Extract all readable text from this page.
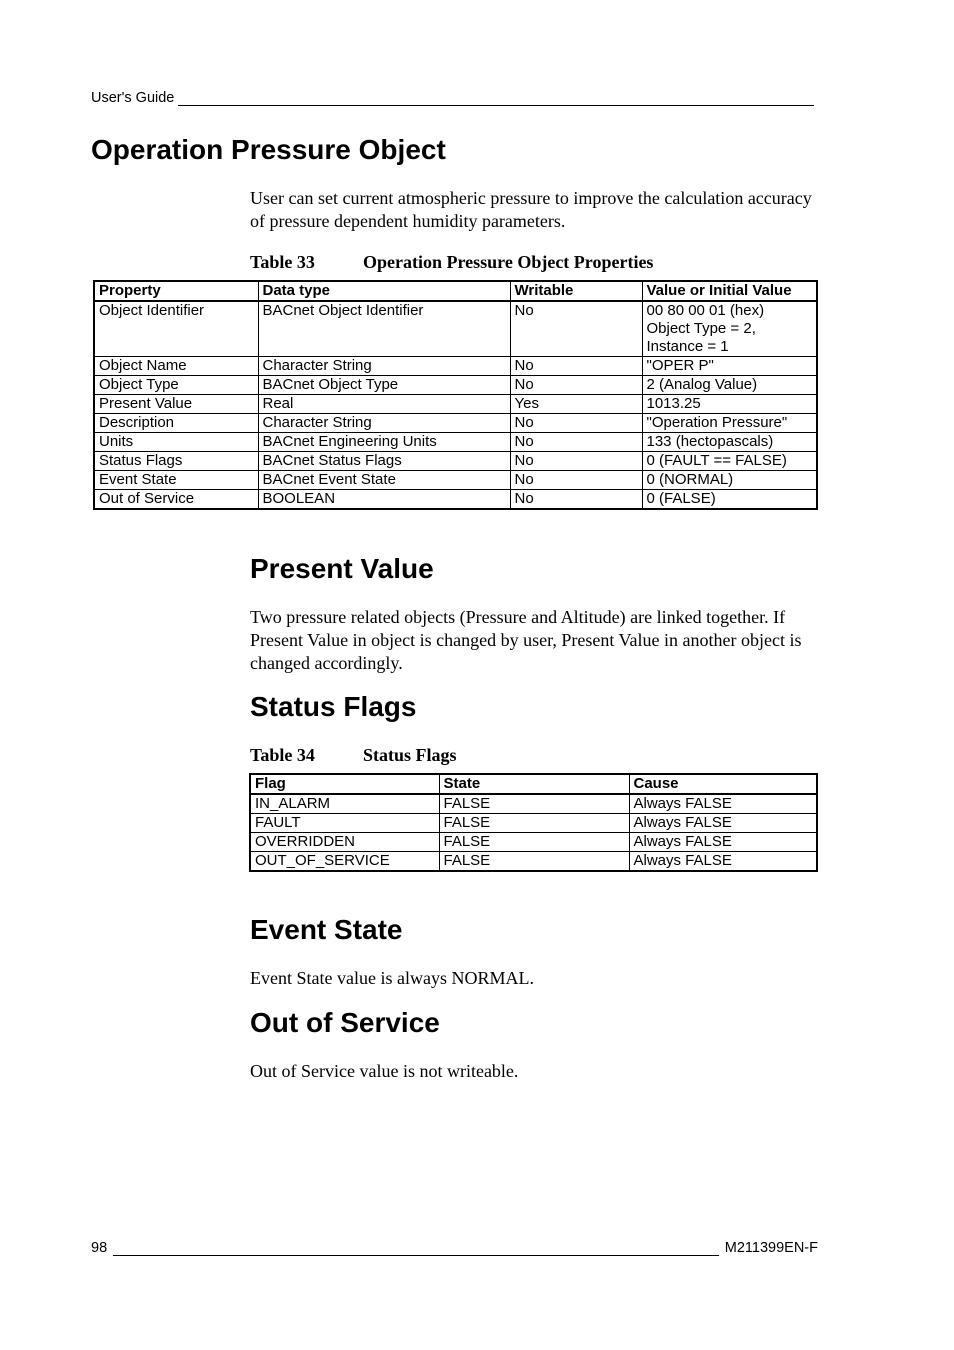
User's Guide
Operation Pressure Object

User can set current atmospheric pressure to improve the calculation accuracy of pressure dependent humidity parameters.

Table 33	Operation Pressure Object Properties
Property	Data type	Writable	Value or Initial Value
Object Identifier	BACnet Object Identifier	No	00 80 00 01 (hex)
Object Type = 2,
Instance = 1

Object Name	Character String	No	"OPER P"
Object Type	BACnet Object Type	No	2 (Analog Value)
Present Value	Real	Yes	1013.25
Description	Character String	No	"Operation Pressure"
Units	BACnet Engineering Units	No	133 (hectopascals)
Status Flags	BACnet Status Flags	No	0 (FAULT == FALSE)
Event State	BACnet Event State	No	0 (NORMAL)
Out of Service	BOOLEAN	No	0 (FALSE)
Present Value

Two pressure related objects (Pressure and Altitude) are linked together. If Present Value in object is changed by user, Present Value in another object is changed accordingly.

Status Flags
Table 34	Status Flags
Flag	State	Cause
IN_ALARM	FALSE	Always FALSE
FAULT	FALSE	Always FALSE
OVERRIDDEN	FALSE	Always FALSE
OUT_OF_SERVICE	FALSE	Always FALSE
Event State

Event State value is always NORMAL.

Out of Service

Out of Service value is not writeable.

98	M211399EN-F
